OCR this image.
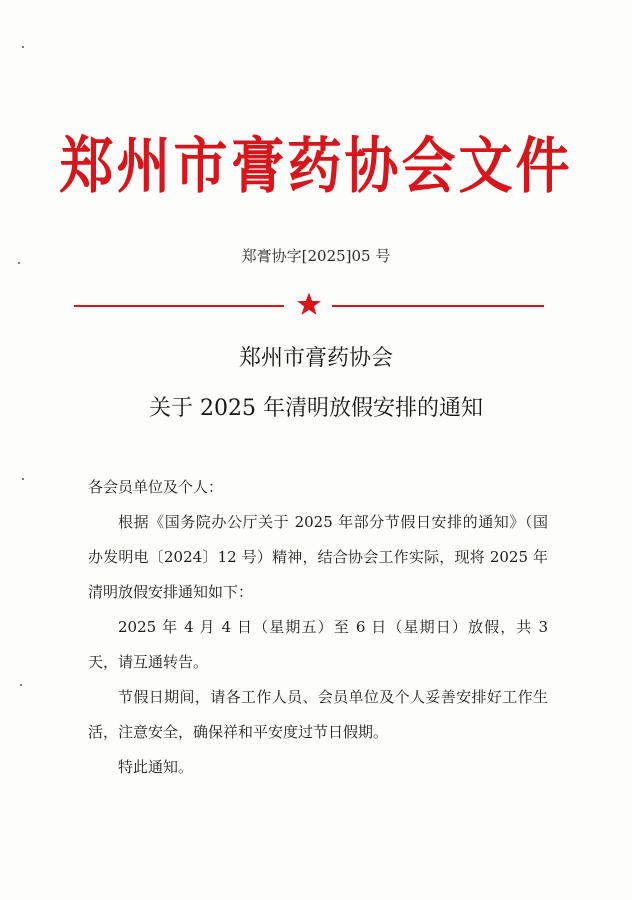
郑州市膏药协会文件
郑膏协字[2025]05 号
郑州市膏药协会
关于 2025 年清明放假安排的通知

各会员单位及个人：

根据《国务院办公厅关于 2025 年部分节假日安排的通知》（国办发明电〔2024〕12 号）精神，结合协会工作实际，现将 2025 年清明放假安排通知如下：

2025 年 4 月 4 日（星期五）至 6 日（星期日）放假，共 3 天，请互通转告。

节假日期间，请各工作人员、会员单位及个人妥善安排好工作生活，注意安全，确保祥和平安度过节日假期。

特此通知。
